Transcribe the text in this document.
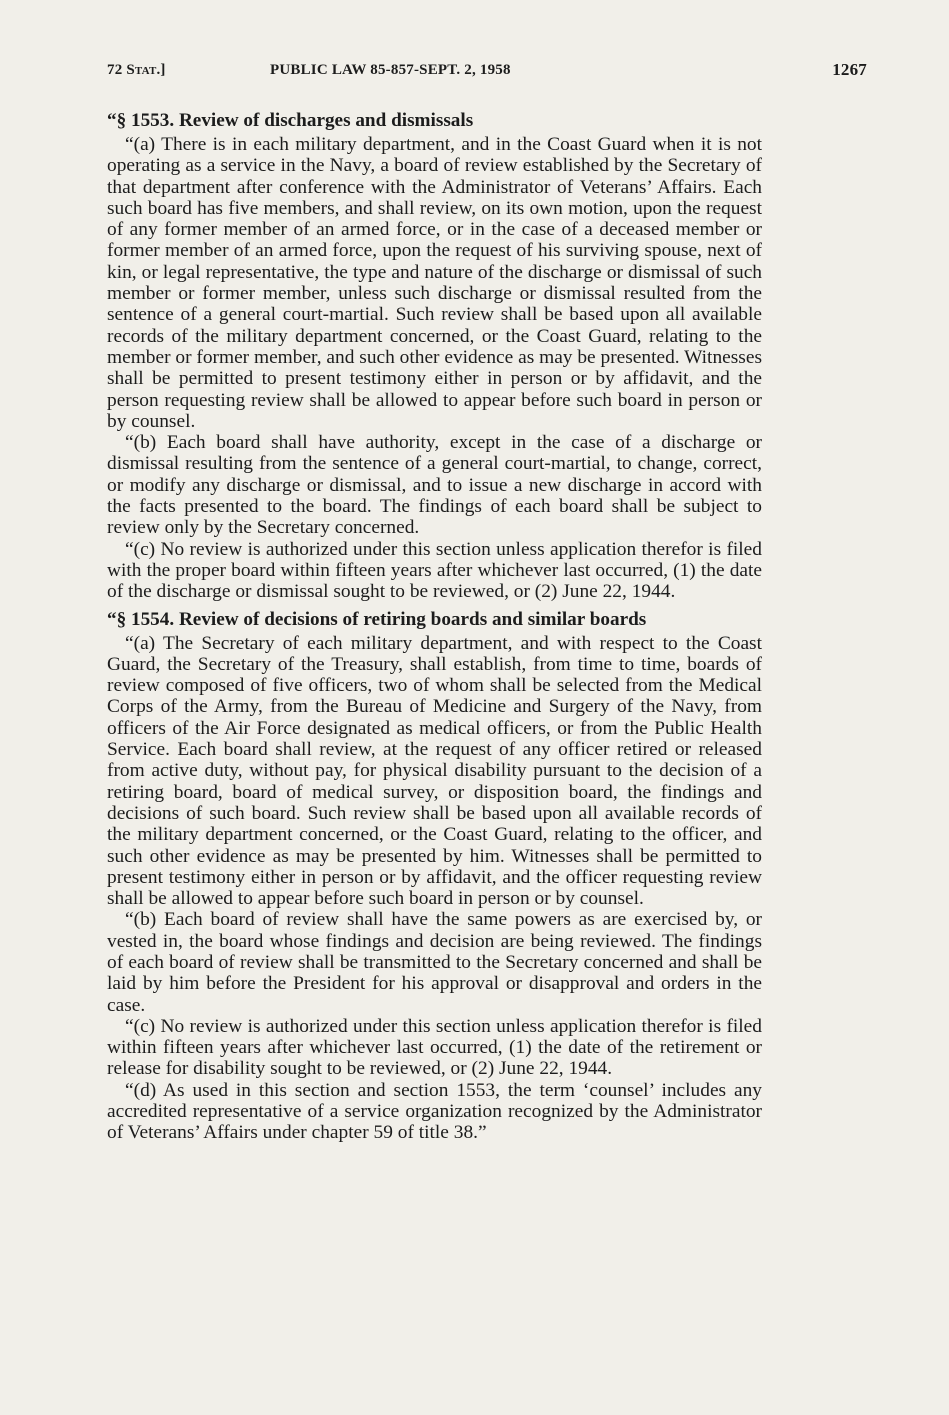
72 Stat.]	PUBLIC LAW 85-857-SEPT. 2, 1958	1267
“§ 1553. Review of discharges and dismissals

“(a) There is in each military department, and in the Coast Guard when it is not operating as a service in the Navy, a board of review established by the Secretary of that department after conference with the Administrator of Veterans’ Affairs. Each such board has five members, and shall review, on its own motion, upon the request of any former member of an armed force, or in the case of a deceased member or former member of an armed force, upon the request of his surviving spouse, next of kin, or legal representative, the type and nature of the discharge or dismissal of such member or former member, unless such discharge or dismissal resulted from the sentence of a general court-martial. Such review shall be based upon all available records of the military department concerned, or the Coast Guard, relating to the member or former member, and such other evidence as may be presented. Witnesses shall be permitted to present testimony either in person or by affidavit, and the person requesting review shall be allowed to appear before such board in person or by counsel.

“(b) Each board shall have authority, except in the case of a discharge or dismissal resulting from the sentence of a general court-martial, to change, correct, or modify any discharge or dismissal, and to issue a new discharge in accord with the facts presented to the board. The findings of each board shall be subject to review only by the Secretary concerned.

“(c) No review is authorized under this section unless application therefor is filed with the proper board within fifteen years after whichever last occurred, (1) the date of the discharge or dismissal sought to be reviewed, or (2) June 22, 1944.

“§ 1554. Review of decisions of retiring boards and similar boards

“(a) The Secretary of each military department, and with respect to the Coast Guard, the Secretary of the Treasury, shall establish, from time to time, boards of review composed of five officers, two of whom shall be selected from the Medical Corps of the Army, from the Bureau of Medicine and Surgery of the Navy, from officers of the Air Force designated as medical officers, or from the Public Health Service. Each board shall review, at the request of any officer retired or released from active duty, without pay, for physical disability pursuant to the decision of a retiring board, board of medical survey, or disposition board, the findings and decisions of such board. Such review shall be based upon all available records of the military department concerned, or the Coast Guard, relating to the officer, and such other evidence as may be presented by him. Witnesses shall be permitted to present testimony either in person or by affidavit, and the officer requesting review shall be allowed to appear before such board in person or by counsel.

“(b) Each board of review shall have the same powers as are exercised by, or vested in, the board whose findings and decision are being reviewed. The findings of each board of review shall be transmitted to the Secretary concerned and shall be laid by him before the President for his approval or disapproval and orders in the case.

“(c) No review is authorized under this section unless application therefor is filed within fifteen years after whichever last occurred, (1) the date of the retirement or release for disability sought to be reviewed, or (2) June 22, 1944.

“(d) As used in this section and section 1553, the term ‘counsel’ includes any accredited representative of a service organization recognized by the Administrator of Veterans’ Affairs under chapter 59 of title 38.”
